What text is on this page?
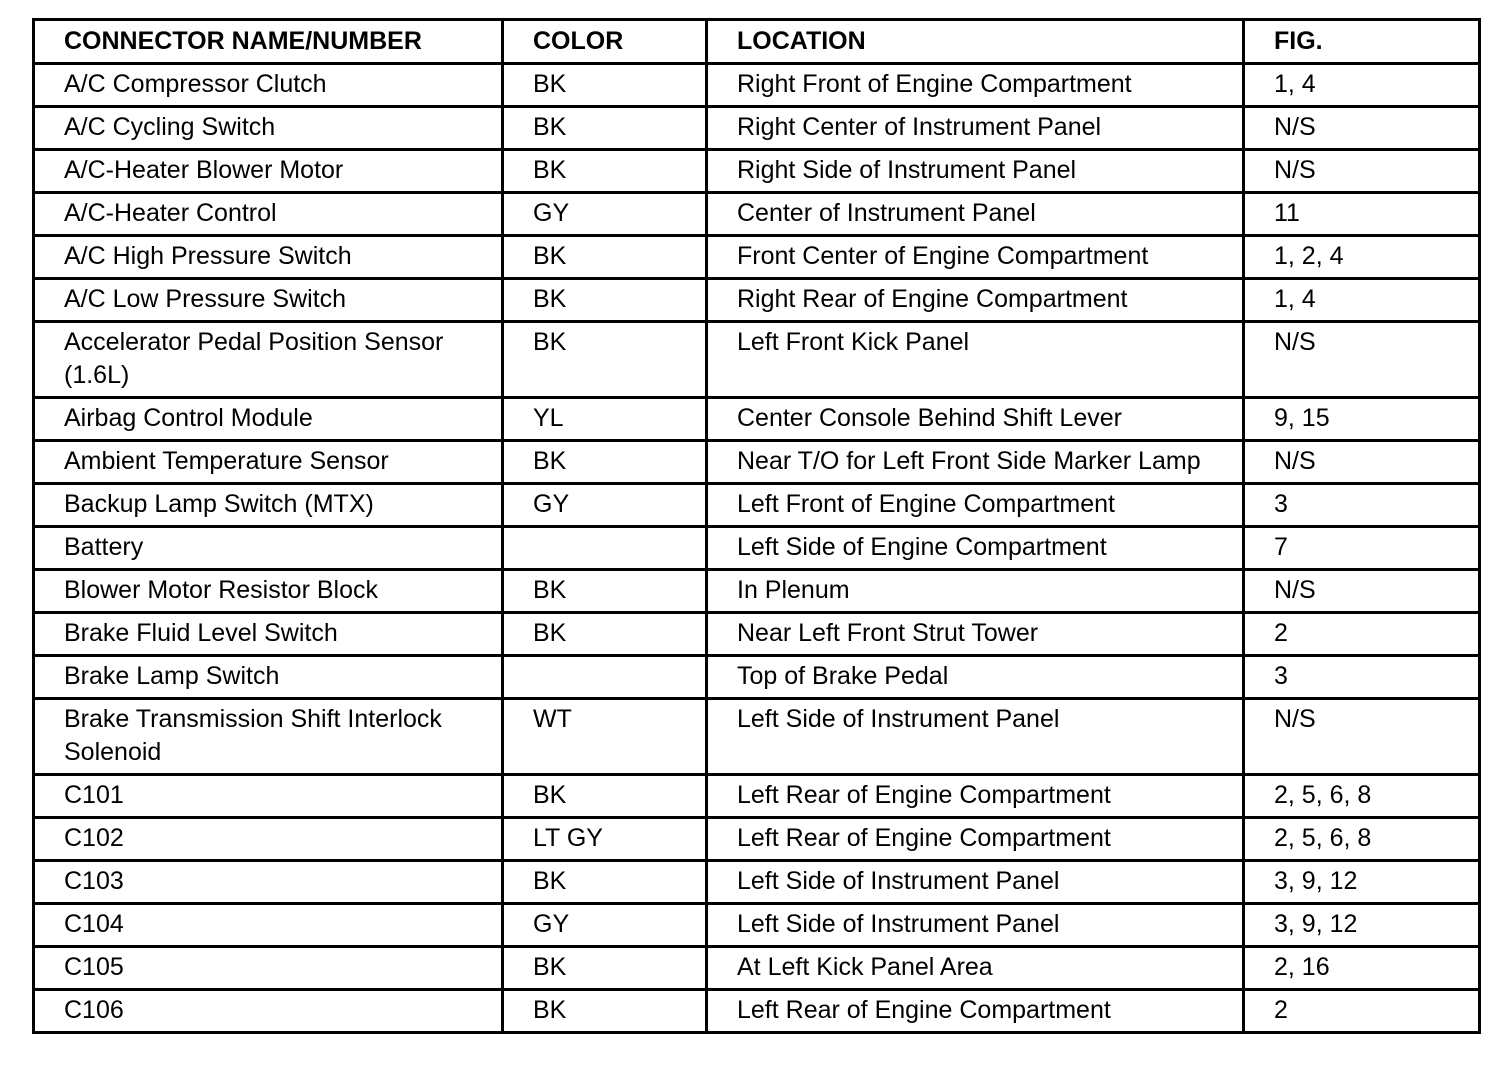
CONNECTOR NAME/NUMBER	COLOR	LOCATION	FIG.
A/C Compressor Clutch	BK	Right Front of Engine Compartment	1, 4
A/C Cycling Switch	BK	Right Center of Instrument Panel	N/S
A/C-Heater Blower Motor	BK	Right Side of Instrument Panel	N/S
A/C-Heater Control	GY	Center of Instrument Panel	11
A/C High Pressure Switch	BK	Front Center of Engine Compartment	1, 2, 4
A/C Low Pressure Switch	BK	Right Rear of Engine Compartment	1, 4
Accelerator Pedal Position Sensor (1.6L)	BK	Left Front Kick Panel	N/S
Airbag Control Module	YL	Center Console Behind Shift Lever	9, 15
Ambient Temperature Sensor	BK	Near T/O for Left Front Side Marker Lamp	N/S
Backup Lamp Switch (MTX)	GY	Left Front of Engine Compartment	3
Battery		Left Side of Engine Compartment	7
Blower Motor Resistor Block	BK	In Plenum	N/S
Brake Fluid Level Switch	BK	Near Left Front Strut Tower	2
Brake Lamp Switch		Top of Brake Pedal	3
Brake Transmission Shift Interlock Solenoid	WT	Left Side of Instrument Panel	N/S
C101	BK	Left Rear of Engine Compartment	2, 5, 6, 8
C102	LT GY	Left Rear of Engine Compartment	2, 5, 6, 8
C103	BK	Left Side of Instrument Panel	3, 9, 12
C104	GY	Left Side of Instrument Panel	3, 9, 12
C105	BK	At Left Kick Panel Area	2, 16
C106	BK	Left Rear of Engine Compartment	2
